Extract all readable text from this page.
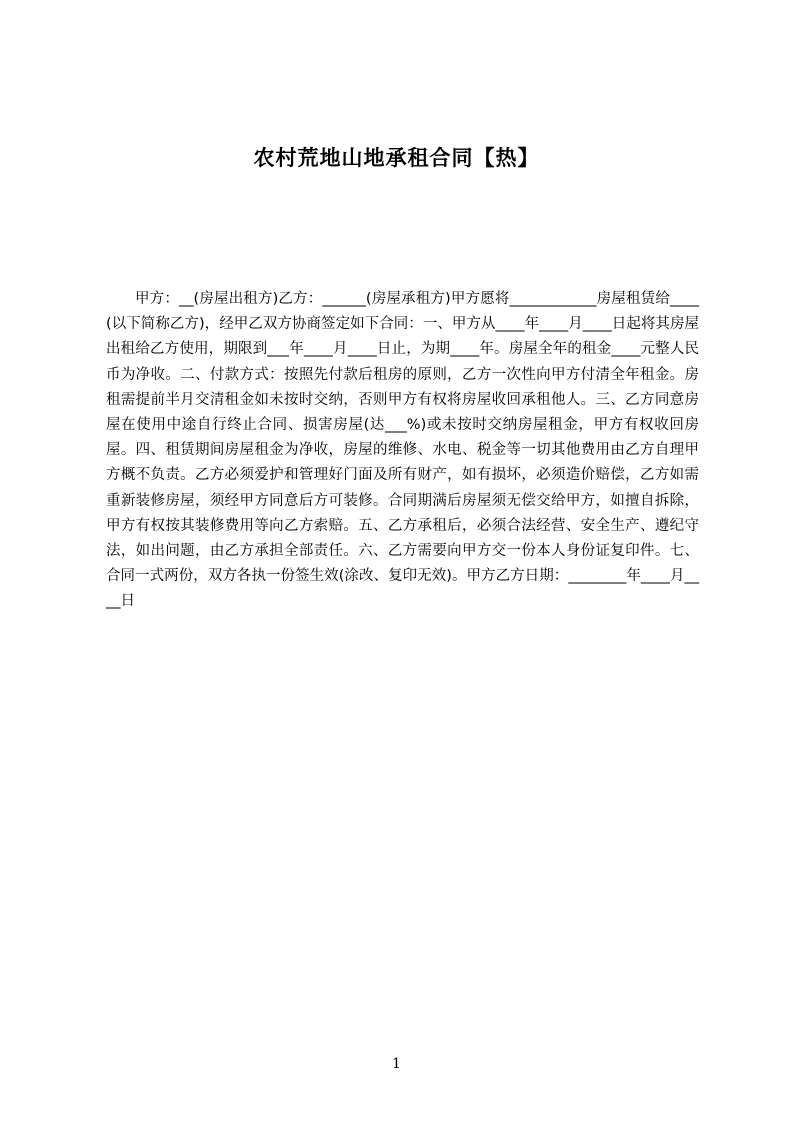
农村荒地山地承租合同【热】

甲方：__(房屋出租方)乙方：______(房屋承租方)甲方愿将____________房屋租赁给____(以下简称乙方)，经甲乙双方协商签定如下合同：一、甲方从____年____月____日起将其房屋出租给乙方使用，期限到___年____月____日止，为期____年。房屋全年的租金____元整人民币为净收。二、付款方式：按照先付款后租房的原则，乙方一次性向甲方付清全年租金。房租需提前半月交清租金如未按时交纳，否则甲方有权将房屋收回承租他人。三、乙方同意房屋在使用中途自行终止合同、损害房屋(达___%)或未按时交纳房屋租金，甲方有权收回房屋。四、租赁期间房屋租金为净收，房屋的维修、水电、税金等一切其他费用由乙方自理甲方概不负责。乙方必须爱护和管理好门面及所有财产，如有损坏，必须造价赔偿，乙方如需重新装修房屋，须经甲方同意后方可装修。合同期满后房屋须无偿交给甲方，如擅自拆除，甲方有权按其装修费用等向乙方索赔。五、乙方承租后，必须合法经营、安全生产、遵纪守法，如出问题，由乙方承担全部责任。六、乙方需要向甲方交一份本人身份证复印件。七、合同一式两份，双方各执一份签生效(涂改、复印无效)。甲方乙方日期：________年____月____日

1
